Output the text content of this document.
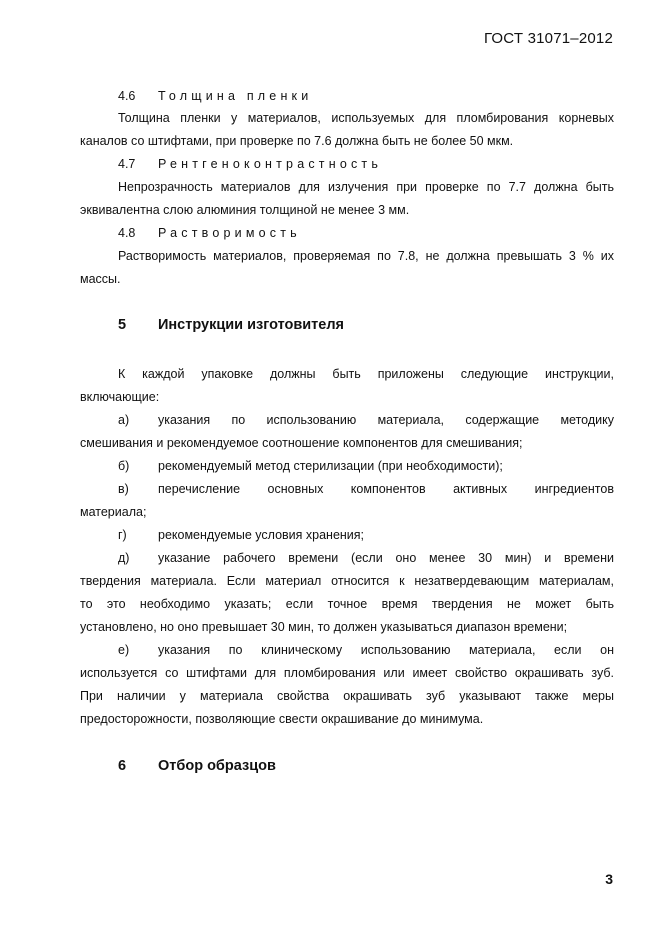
ГОСТ 31071–2012
4.6 Толщина пленки
Толщина пленки у материалов, используемых для пломбирования корневых
каналов со штифтами, при проверке по 7.6 должна быть не более 50 мкм.
4.7 Рентгеноконтрастность
Непрозрачность материалов для излучения при проверке по 7.7 должна быть
эквивалентна слою алюминия толщиной не менее 3 мм.
4.8 Растворимость
Растворимость материалов, проверяемая по 7.8, не должна превышать 3 % их
массы.
5 Инструкции изготовителя
К каждой упаковке должны быть приложены следующие инструкции,
включающие:
а) указания по использованию материала, содержащие методику
смешивания и рекомендуемое соотношение компонентов для смешивания;
б) рекомендуемый метод стерилизации (при необходимости);
в) перечисление основных компонентов активных ингредиентов
материала;
г)	рекомендуемые условия хранения;
д) указание рабочего времени (если оно менее 30 мин) и времени
твердения материала. Если материал относится к незатвердевающим материалам,
то это необходимо указать; если точное время твердения не может быть
установлено, но оно превышает 30 мин, то должен указываться диапазон времени;
е) указания по клиническому использованию материала, если он
используется со штифтами для пломбирования или имеет свойство окрашивать зуб.
При наличии у материала свойства окрашивать зуб указывают также меры
предосторожности, позволяющие свести окрашивание до минимума.
6 Отбор образцов
3
